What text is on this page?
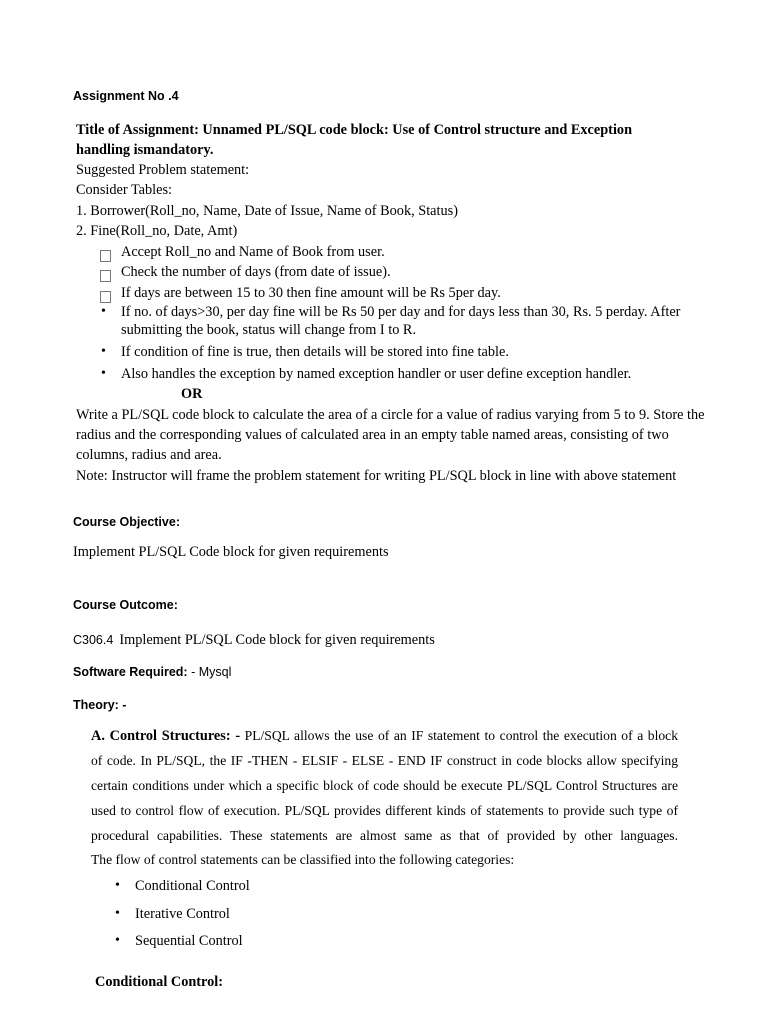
Assignment No .4
Title of Assignment: Unnamed PL/SQL code block: Use of Control structure and Exception
handling ismandatory.
Suggested Problem statement:
Consider Tables:
1. Borrower(Roll_no, Name, Date of Issue, Name of Book, Status)
2. Fine(Roll_no, Date, Amt)
Accept Roll_no and Name of Book from user.
Check the number of days (from date of issue).
If days are between 15 to 30 then fine amount will be Rs 5per day.
• If no. of days>30, per day fine will be Rs 50 per day and for days less than 30, Rs. 5 perday. After
submitting the book, status will change from I to R.
• If condition of fine is true, then details will be stored into fine table.
• Also handles the exception by named exception handler or user define exception handler.
OR
Write a PL/SQL code block to calculate the area of a circle for a value of radius varying from 5 to 9. Store the
radius and the corresponding values of calculated area in an empty table named areas, consisting of two
columns, radius and area.
Note: Instructor will frame the problem statement for writing PL/SQL block in line with above statement
Course Objective:
Implement PL/SQL Code block for given requirements
Course Outcome:
C306.4 Implement PL/SQL Code block for given requirements
Software Required: - Mysql
Theory: -
A. Control Structures: - PL/SQL allows the use of an IF statement to control the execution of a block
of code. In PL/SQL, the IF -THEN - ELSIF - ELSE - END IF construct in code blocks allow specifying
certain conditions under which a specific block of code should be execute PL/SQL Control Structures are
used to control flow of execution. PL/SQL provides different kinds of statements to provide such type of
procedural capabilities. These statements are almost same as that of provided by other languages.
The flow of control statements can be classified into the following categories:
• Conditional Control
• Iterative Control
• Sequential Control
Conditional Control:
